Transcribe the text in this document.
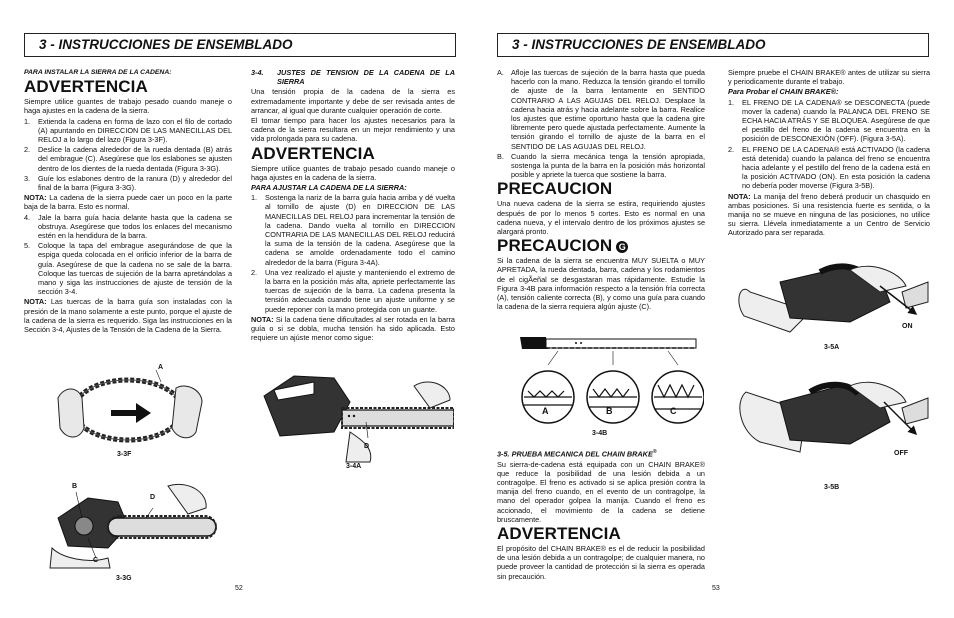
3 - INSTRUCCIONES DE ENSEMBLADO	3 - INSTRUCCIONES DE ENSEMBLADO

PARA INSTALAR LA SIERRA DE LA CADENA:

ADVERTENCIA

Siempre utilice guantes de trabajo pesado cuando maneje o haga ajustes en la cadena de la sierra.

1.	Extienda la cadena en forma de lazo con el filo de cortado (A) apuntando en DIRECCION DE LAS MANECILLAS DEL RELOJ a lo largo del lazo (Figura 3-3F).
2.	Deslice la cadena alrededor de la rueda dentada (B) atrás del embrague (C). Asegúrese que los eslabones se ajusten dentro de los dientes de la rueda dentada (Figura 3-3G).
3.	Guíe los eslabones dentro de la ranura (D) y alrededor del final de la barra (Figura 3-3G).

NOTA: La cadena de la sierra puede caer un poco en la parte baja de la barra. Esto es normal.

4.	Jale la barra guía hacia delante hasta que la cadena se obstruya. Asegúrese que todos los enlaces del mecanismo estén en la hendidura de la barra.
5.	Coloque la tapa del embrague asegurándose de que la espiga queda colocada en el orificio inferior de la barra de guía. Asegúrese de que la cadena no se sale de la barra. Coloque las tuercas de sujeción de la barra apretándolas a mano y siga las instrucciones de ajuste de tensión de la sección 3-4.

NOTA: Las tuercas de la barra guía son instaladas con la presión de la mano solamente a este punto, porque el ajuste de la cadena de la sierra es requerido. Siga las instrucciones en la Sección 3-4, Ajustes de la Tensión de la Cadena de la Sierra.

A
3-3F
B
D
C
3-3G
52
3-4.	JUSTES DE TENSION DE LA CADENA DE LA SIERRA

Una tensión propia de la cadena de la sierra es extremadamente importante y debe de ser revisada antes de arrancar, al igual que durante cualquier operación de corte.

El tomar tiempo para hacer los ajustes necesarios para la cadena de la sierra resultara en un mejor rendimiento y una vida prolongada para su cadena.

ADVERTENCIA

Siempre utilice guantes de trabajo pesado cuando maneje o haga ajustes en la cadena de la sierra.

PARA AJUSTAR LA CADENA DE LA SIERRA:

1.	Sostenga la nariz de la barra guía hacia arriba y dé vuelta al tornillo de ajuste (D) en DIRECCION DE LAS MANECILLAS DEL RELOJ para incrementar la tensión de la cadena. Dando vuelta al tornillo en DIRECCION CONTRARIA DE LAS MANECILLAS DEL RELOJ reducirá la suma de la tensión de la cadena. Asegúrese que la cadena se amolde ordenadamente todo el camino alrededor de la barra (Figura 3-4A).
2.	Una vez realizado el ajuste y manteniendo el extremo de la barra en la posición más alta, apriete perfectamente las tuercas de sujeción de la barra. La cadena presenta la tensión adecuada cuando tiene un ajuste uniforme y se puede reponer con la mano protegida con un guante.

NOTA: Si la cadena tiene dificultades al ser rotada en la barra guía o si se dobla, mucha tensión ha sido aplicada. Esto requiere un ajúste menor como sigue:

D
3-4A
A. Afloje las tuercas de sujeción de la barra hasta que pueda hacerlo con la mano. Reduzca la tensión girando el tornillo de ajuste de la barra lentamente en SENTIDO CONTRARIO A LAS AGUJAS DEL RELOJ. Desplace la cadena hacia atrás y hacia adelante sobre la barra. Realice los ajustes que estime oportuno hasta que la cadena gire libremente pero quede ajustada perfectamente. Aumente la tensión girando el tornillo de ajuste de la barra en el SENTIDO DE LAS AGUJAS DEL RELOJ.
B. Cuando la sierra mecánica tenga la tensión apropiada, sostenga la punta de la barra en la posición más horizontal posible y apriete la tuerca que sostiene la barra.
PRECAUCION

Una nueva cadena de la sierra se estira, requiriendo ajustes después de por lo menos 5 cortes. Esto es normal en una cadena nueva, y el intervalo dentro de los próximos ajustes se alargará pronto.

PRECAUCION G

Si la cadena de la sierra se encuentra MUY SUELTA o MUY APRETADA, la rueda dentada, barra, cadena y los rodamientos de el cigÃeñal se desgastaran mas rápidamente. Estudie la Figura 3-4B para información respecto a la tensión fría correcta (A), tensión caliente correcta (B), y como una guía para cuando la cadena de la sierra requiera algún ajuste (C).

A	B	C
3-4B

3-5. PRUEBA MECANICA DEL CHAIN BRAKE®

Su sierra-de-cadena está equipada con un CHAIN BRAKE® que reduce la posibilidad de una lesión debida a un contragolpe. El freno es activado si se aplica presión contra la manija del freno cuando, en el evento de un contragolpe, la mano del operador golpea la manija. Cuando el freno es accionado, el movimiento de la cadena se detiene bruscamente.

ADVERTENCIA

El propósito del CHAIN BRAKE® es el de reducir la posibilidad de una lesión debida a un contragolpe; de cualquier manera, no puede proveer la cantidad de protección si la sierra es operada sin precaución.

53

Siempre pruebe el CHAIN BRAKE® antes de utilizar su sierra y periodicamente durante el trabajo.

Para Probar el CHAIN BRAKE®:

1.	EL FRENO DE LA CADENA® se DESCONECTA (puede mover la cadena) cuando la PALANCA DEL FRENO SE ECHA HACIA ATRÁS Y SE BLOQUEA. Asegúrese de que el pestillo del freno de la cadena se encuentra en la posición de DESCONEXIÓN (OFF). (Figura 3-5A).
2.	EL FRENO DE LA CADENA® está ACTIVADO (la cadena está detenida) cuando la palanca del freno se encuentra hacia adelante y el pestillo del freno de la cadena está en la posición ACTIVADO (ON). En esta posición la cadena no debería poder moverse (Figura 3-5B).

NOTA: La manija del freno deberá producir un chasquido en ambas posiciones. Si una resistencia fuerte es sentida, o la manija no se mueve en ninguna de las posiciones, no utilice su sierra. Llévela inmediatamente a un Centro de Servicio Autorizado para ser reparada.

ON
3-5A
OFF
3-5B
